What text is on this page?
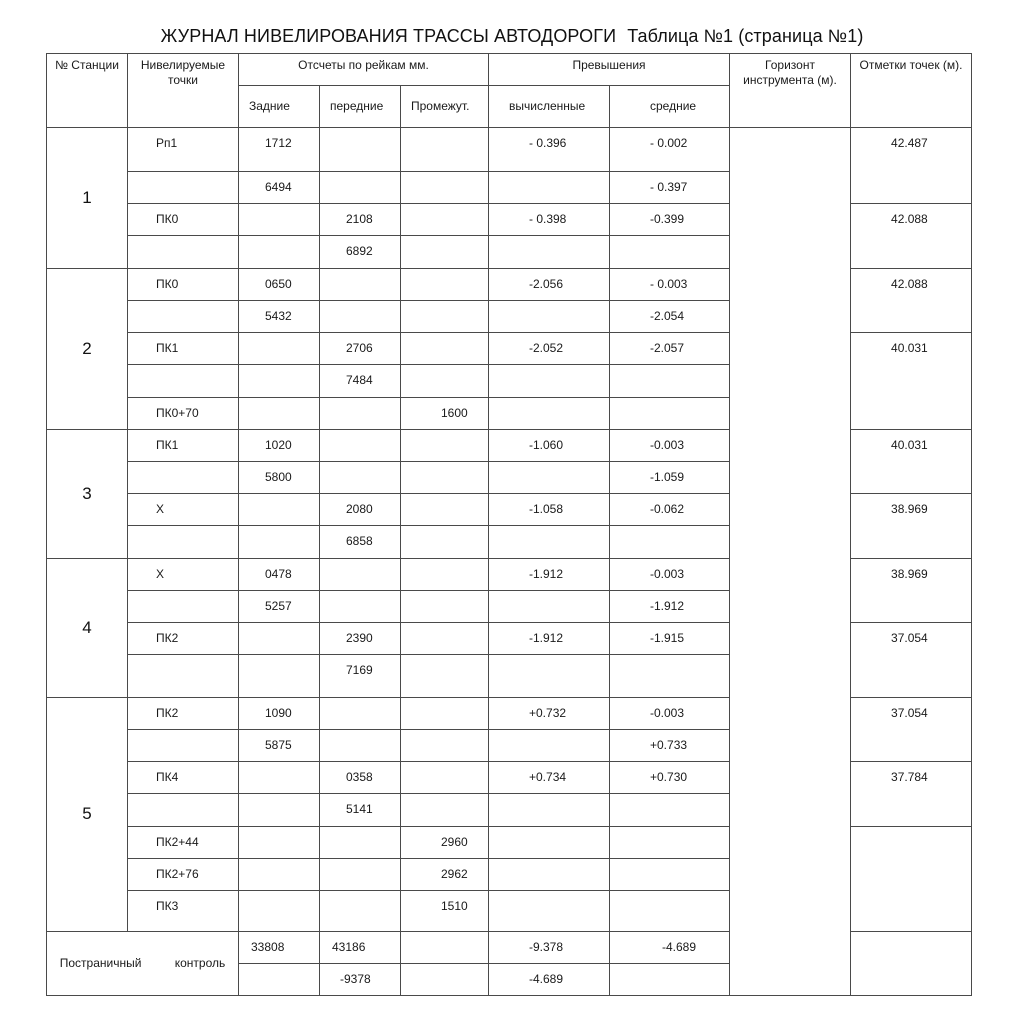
ЖУРНАЛ НИВЕЛИРОВАНИЯ ТРАССЫ АВТОДОРОГИ Таблица №1 (страница №1)
№ Станции	Нивелируемые точки	Отсчеты по рейкам мм.			Превышения		Горизонт инструмента (м).	Отметки точек (м).
		Задние	передние	Промежут.	вычисленные	средние		
1	Рп1	1712			- 0.396	- 0.002		42.487
		6494				- 0.397		
	ПК0		2108		- 0.398	-0.399		42.088
			6892					
2	ПК0	0650			-2.056	- 0.003		42.088
		5432				-2.054		
	ПК1		2706		-2.052	-2.057		40.031
			7484					
	ПК0+70			1600				
3	ПК1	1020			-1.060	-0.003		40.031
		5800				-1.059		
	X		2080		-1.058	-0.062		38.969
			6858					
4	X	0478			-1.912	-0.003		38.969
		5257				-1.912		
	ПК2		2390		-1.912	-1.915		37.054
			7169					
5	ПК2	1090			+0.732	-0.003		37.054
		5875				+0.733		
	ПК4		0358		+0.734	+0.730		37.784
			5141					
	ПК2+44			2960				
	ПК2+76			2962				
	ПК3			1510				
Постраничный контроль		33808	43186		-9.378	-4.689		
			-9378		-4.689			
